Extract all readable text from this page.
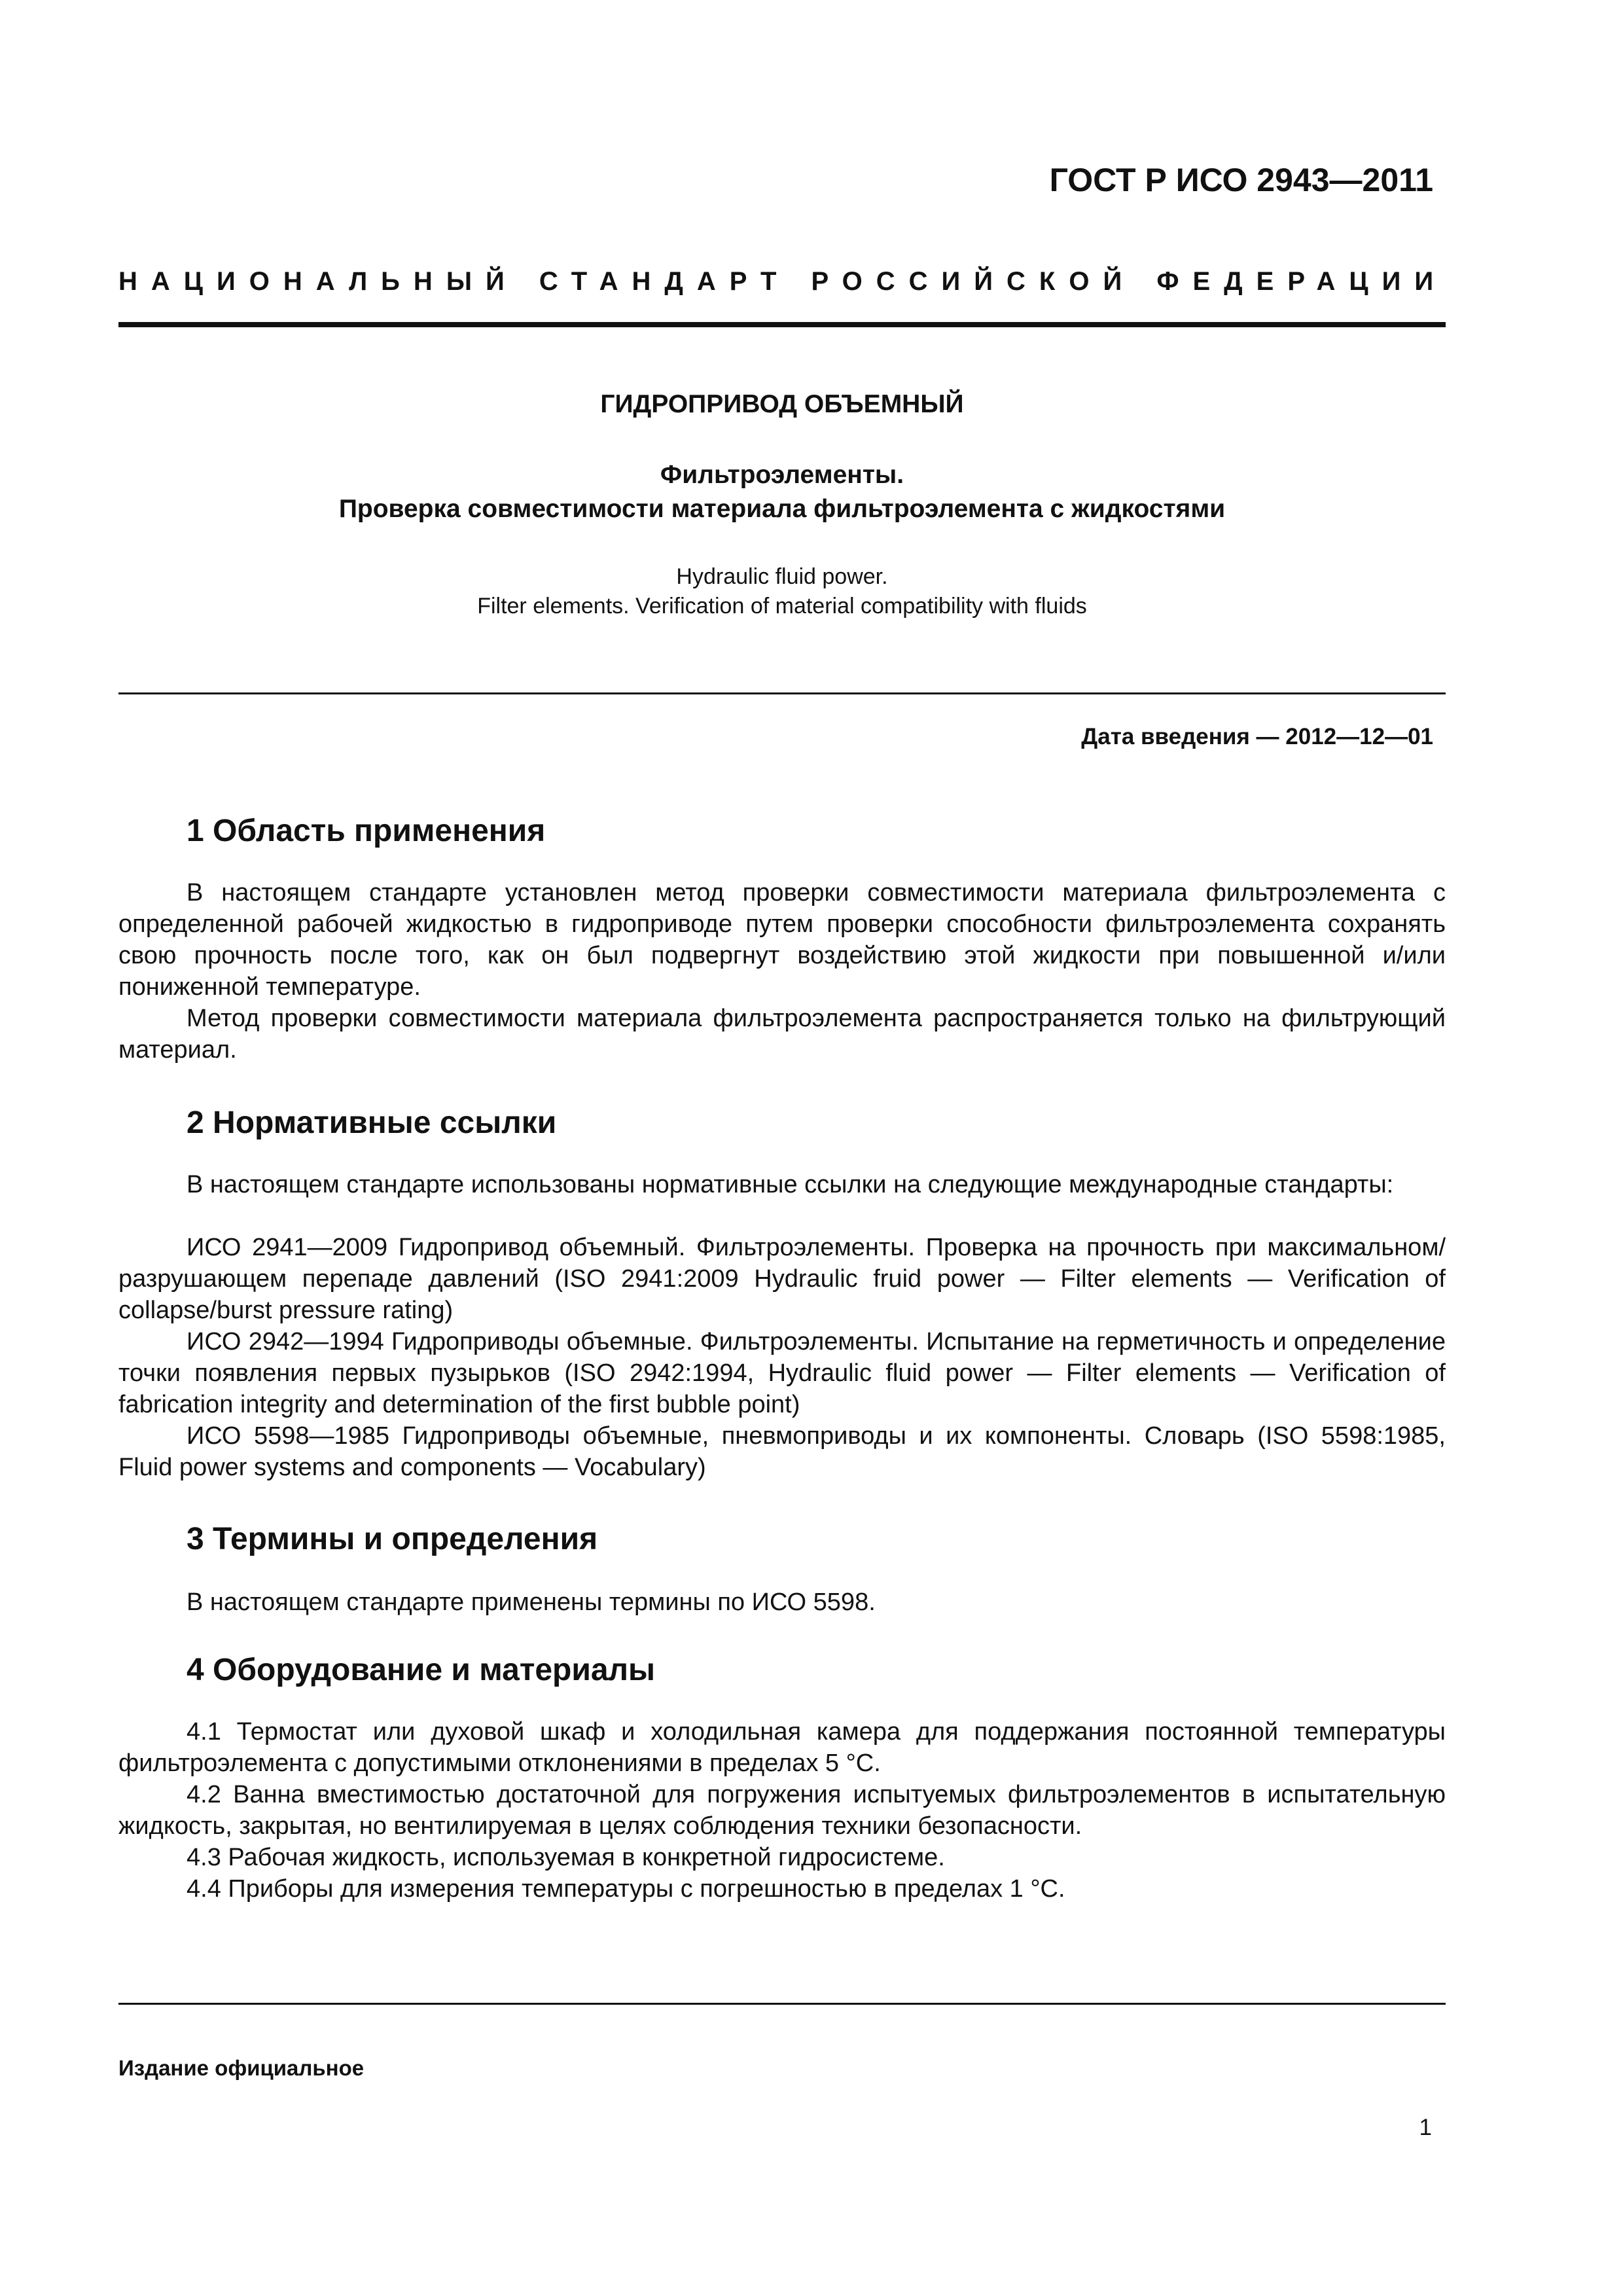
ГОСТ Р ИСО 2943—2011
НАЦИОНАЛЬНЫЙ СТАНДАРТ РОССИЙСКОЙ ФЕДЕРАЦИИ
ГИДРОПРИВОД ОБЪЕМНЫЙ
Фильтроэлементы.
Проверка совместимости материала фильтроэлемента с жидкостями
Hydraulic fluid power.
Filter elements. Verification of material compatibility with fluids
Дата введения — 2012—12—01
1 Область применения

В настоящем стандарте установлен метод проверки совместимости материала фильтроэлемента с определенной рабочей жидкостью в гидроприводе путем проверки способности фильтроэлемента сохранять свою прочность после того, как он был подвергнут воздействию этой жидкости при повышенной и/или пониженной температуре.

Метод проверки совместимости материала фильтроэлемента распространяется только на фильтрующий материал.

2 Нормативные ссылки

В настоящем стандарте использованы нормативные ссылки на следующие международные стандарты:

ИСО 2941—2009 Гидропривод объемный. Фильтроэлементы. Проверка на прочность при максимальном/разрушающем перепаде давлений (ISO 2941:2009 Hydraulic fruid power — Filter elements — Verification of collapse/burst pressure rating)

ИСО 2942—1994 Гидроприводы объемные. Фильтроэлементы. Испытание на герметичность и определение точки появления первых пузырьков (ISO 2942:1994, Hydraulic fluid power — Filter elements — Verification of fabrication integrity and determination of the first bubble point)

ИСО 5598—1985 Гидроприводы объемные, пневмоприводы и их компоненты. Словарь (ISO 5598:1985, Fluid power systems and components — Vocabulary)

3 Термины и определения

В настоящем стандарте применены термины по ИСО 5598.

4 Оборудование и материалы

4.1 Термостат или духовой шкаф и холодильная камера для поддержания постоянной температуры фильтроэлемента с допустимыми отклонениями в пределах 5 °С.

4.2 Ванна вместимостью достаточной для погружения испытуемых фильтроэлементов в испытательную жидкость, закрытая, но вентилируемая в целях соблюдения техники безопасности.

4.3 Рабочая жидкость, используемая в конкретной гидросистеме.

4.4 Приборы для измерения температуры с погрешностью в пределах 1 °С.

Издание официальное
1
